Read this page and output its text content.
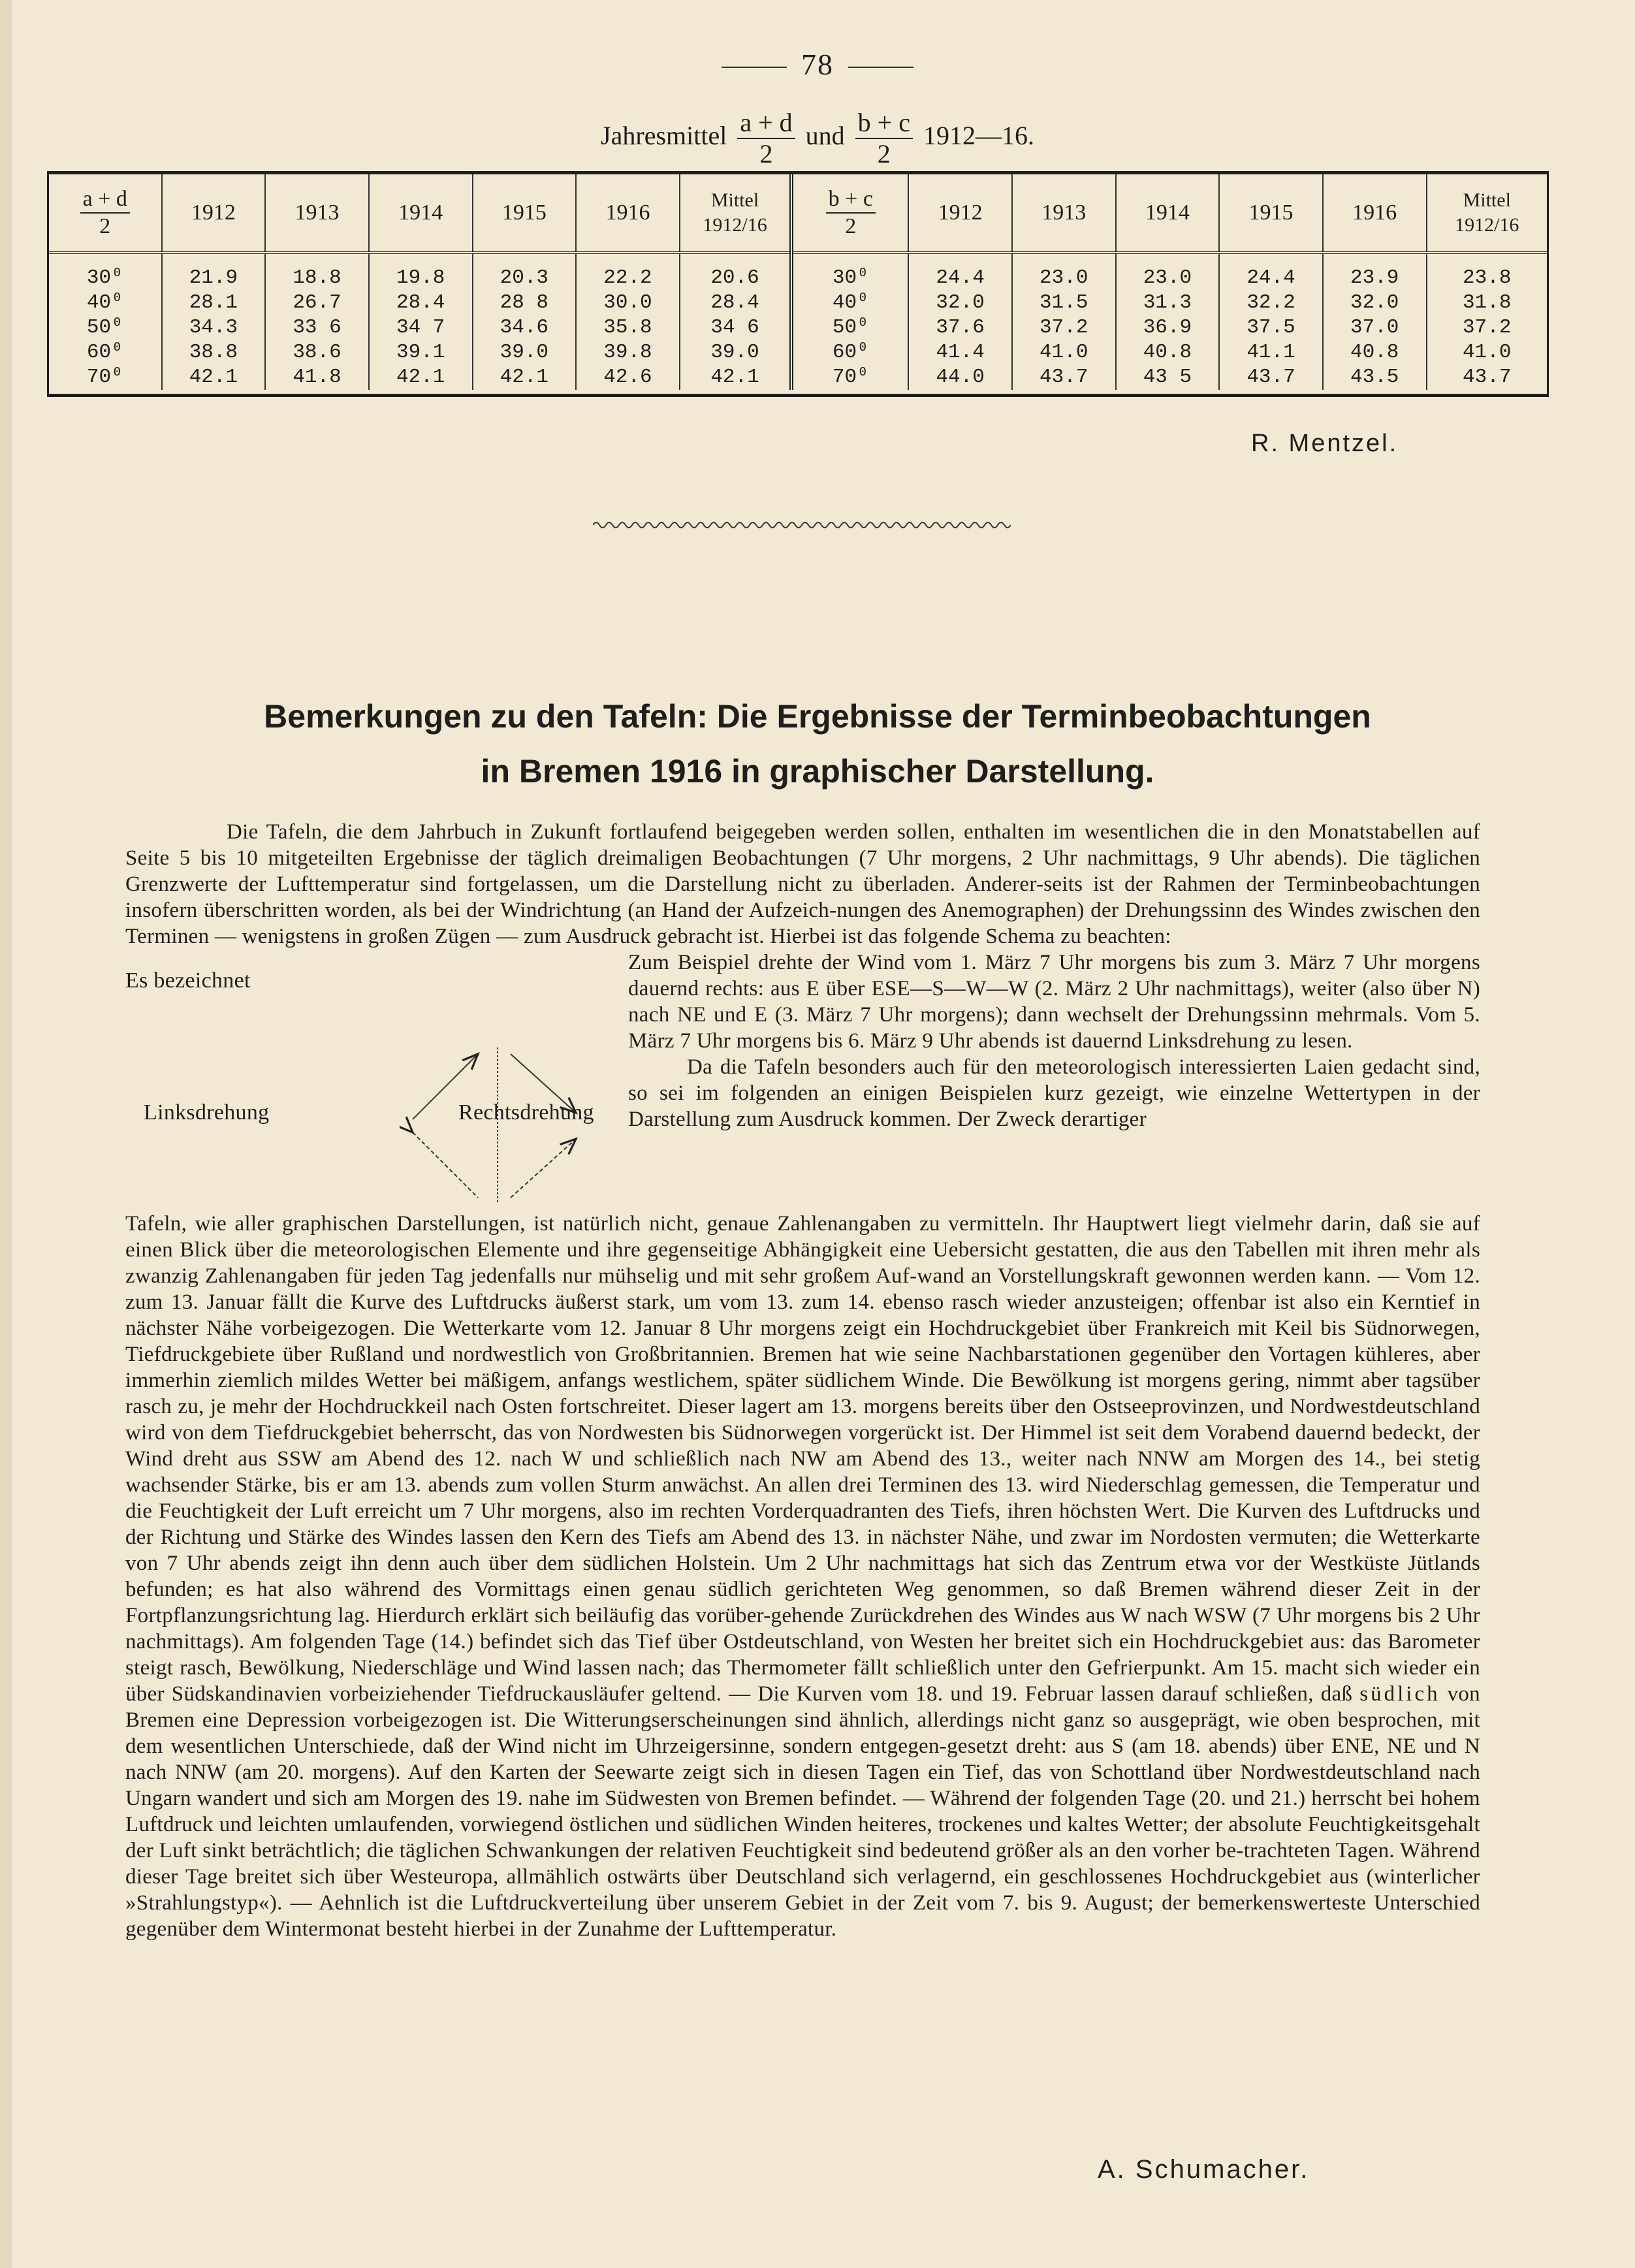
78
Jahresmittel $\frac{a + d}{2}$ und $\frac{b + c}{2}$ 1912—16.
$\frac{a + d}{2}$	1912	1913	1914	1915	1916	Mittel 1912/16	$\frac{b + c}{2}$	1912	1913	1914	1915	1916	Mittel 1912/16
30⁰	21.9	18.8	19.8	20.3	22.2	20.6	30⁰	24.4	23.0	23.0	24.4	23.9	23.8
40⁰	28.1	26.7	28.4	28 8	30.0	28.4	40⁰	32.0	31.5	31.3	32.2	32.0	31.8
50⁰	34.3	33 6	34 7	34.6	35.8	34 6	50⁰	37.6	37.2	36.9	37.5	37.0	37.2
60⁰	38.8	38.6	39.1	39.0	39.8	39.0	60⁰	41.4	41.0	40.8	41.1	40.8	41.0
70⁰	42.1	41.8	42.1	42.1	42.6	42.1	70⁰	44.0	43.7	43 5	43.7	43.5	43.7
R. Mentzel.
Bemerkungen zu den Tafeln: Die Ergebnisse der Terminbeobachtungen
in Bremen 1916 in graphischer Darstellung.

Die Tafeln, die dem Jahrbuch in Zukunft fortlaufend beigegeben werden sollen, enthalten im wesentlichen die in den Monatstabellen auf Seite 5 bis 10 mitgeteilten Ergebnisse der täglich dreimaligen Beobachtungen (7 Uhr morgens, 2 Uhr nachmittags, 9 Uhr abends). Die täglichen Grenzwerte der Lufttemperatur sind fortgelassen, um die Darstellung nicht zu überladen. Anderer-seits ist der Rahmen der Terminbeobachtungen insofern überschritten worden, als bei der Windrichtung (an Hand der Aufzeich-nungen des Anemographen) der Drehungssinn des Windes zwischen den Terminen — wenigstens in großen Zügen — zum Ausdruck gebracht ist. Hierbei ist das folgende Schema zu beachten:

Es bezeichnet
Linksdrehung	Rechtsdrehung

Zum Beispiel drehte der Wind vom 1. März 7 Uhr morgens bis zum 3. März 7 Uhr morgens dauernd rechts: aus E über ESE—S—W—W (2. März 2 Uhr nachmittags), weiter (also über N) nach NE und E (3. März 7 Uhr morgens); dann wechselt der Drehungssinn mehrmals. Vom 5. März 7 Uhr morgens bis 6. März 9 Uhr abends ist dauernd Linksdrehung zu lesen.

Da die Tafeln besonders auch für den meteorologisch interessierten Laien gedacht sind, so sei im folgenden an einigen Beispielen kurz gezeigt, wie einzelne Wettertypen in der Darstellung zum Ausdruck kommen. Der Zweck derartiger

Tafeln, wie aller graphischen Darstellungen, ist natürlich nicht, genaue Zahlenangaben zu vermitteln. Ihr Hauptwert liegt vielmehr darin, daß sie auf einen Blick über die meteorologischen Elemente und ihre gegenseitige Abhängigkeit eine Uebersicht gestatten, die aus den Tabellen mit ihren mehr als zwanzig Zahlenangaben für jeden Tag jedenfalls nur mühselig und mit sehr großem Auf-wand an Vorstellungskraft gewonnen werden kann. — Vom 12. zum 13. Januar fällt die Kurve des Luftdrucks äußerst stark, um vom 13. zum 14. ebenso rasch wieder anzusteigen; offenbar ist also ein Kerntief in nächster Nähe vorbeigezogen. Die Wetterkarte vom 12. Januar 8 Uhr morgens zeigt ein Hochdruckgebiet über Frankreich mit Keil bis Südnorwegen, Tiefdruckgebiete über Rußland und nordwestlich von Großbritannien. Bremen hat wie seine Nachbarstationen gegenüber den Vortagen kühleres, aber immerhin ziemlich mildes Wetter bei mäßigem, anfangs westlichem, später südlichem Winde. Die Bewölkung ist morgens gering, nimmt aber tagsüber rasch zu, je mehr der Hochdruckkeil nach Osten fortschreitet. Dieser lagert am 13. morgens bereits über den Ostseeprovinzen, und Nordwestdeutschland wird von dem Tiefdruckgebiet beherrscht, das von Nordwesten bis Südnorwegen vorgerückt ist. Der Himmel ist seit dem Vorabend dauernd bedeckt, der Wind dreht aus SSW am Abend des 12. nach W und schließlich nach NW am Abend des 13., weiter nach NNW am Morgen des 14., bei stetig wachsender Stärke, bis er am 13. abends zum vollen Sturm anwächst. An allen drei Terminen des 13. wird Niederschlag gemessen, die Temperatur und die Feuchtigkeit der Luft erreicht um 7 Uhr morgens, also im rechten Vorderquadranten des Tiefs, ihren höchsten Wert. Die Kurven des Luftdrucks und der Richtung und Stärke des Windes lassen den Kern des Tiefs am Abend des 13. in nächster Nähe, und zwar im Nordosten vermuten; die Wetterkarte von 7 Uhr abends zeigt ihn denn auch über dem südlichen Holstein. Um 2 Uhr nachmittags hat sich das Zentrum etwa vor der Westküste Jütlands befunden; es hat also während des Vormittags einen genau südlich gerichteten Weg genommen, so daß Bremen während dieser Zeit in der Fortpflanzungsrichtung lag. Hierdurch erklärt sich beiläufig das vorüber-gehende Zurückdrehen des Windes aus W nach WSW (7 Uhr morgens bis 2 Uhr nachmittags). Am folgenden Tage (14.) befindet sich das Tief über Ostdeutschland, von Westen her breitet sich ein Hochdruckgebiet aus: das Barometer steigt rasch, Bewölkung, Niederschläge und Wind lassen nach; das Thermometer fällt schließlich unter den Gefrierpunkt. Am 15. macht sich wieder ein über Südskandinavien vorbeiziehender Tiefdruckausläufer geltend. — Die Kurven vom 18. und 19. Februar lassen darauf schließen, daß südlich von Bremen eine Depression vorbeigezogen ist. Die Witterungserscheinungen sind ähnlich, allerdings nicht ganz so ausgeprägt, wie oben besprochen, mit dem wesentlichen Unterschiede, daß der Wind nicht im Uhrzeigersinne, sondern entgegen-gesetzt dreht: aus S (am 18. abends) über ENE, NE und N nach NNW (am 20. morgens). Auf den Karten der Seewarte zeigt sich in diesen Tagen ein Tief, das von Schottland über Nordwestdeutschland nach Ungarn wandert und sich am Morgen des 19. nahe im Südwesten von Bremen befindet. — Während der folgenden Tage (20. und 21.) herrscht bei hohem Luftdruck und leichten umlaufenden, vorwiegend östlichen und südlichen Winden heiteres, trockenes und kaltes Wetter; der absolute Feuchtigkeitsgehalt der Luft sinkt beträchtlich; die täglichen Schwankungen der relativen Feuchtigkeit sind bedeutend größer als an den vorher be-trachteten Tagen. Während dieser Tage breitet sich über Westeuropa, allmählich ostwärts über Deutschland sich verlagernd, ein geschlossenes Hochdruckgebiet aus (winterlicher »Strahlungstyp«). — Aehnlich ist die Luftdruckverteilung über unserem Gebiet in der Zeit vom 7. bis 9. August; der bemerkenswerteste Unterschied gegenüber dem Wintermonat besteht hierbei in der Zunahme der Lufttemperatur.

A. Schumacher.
